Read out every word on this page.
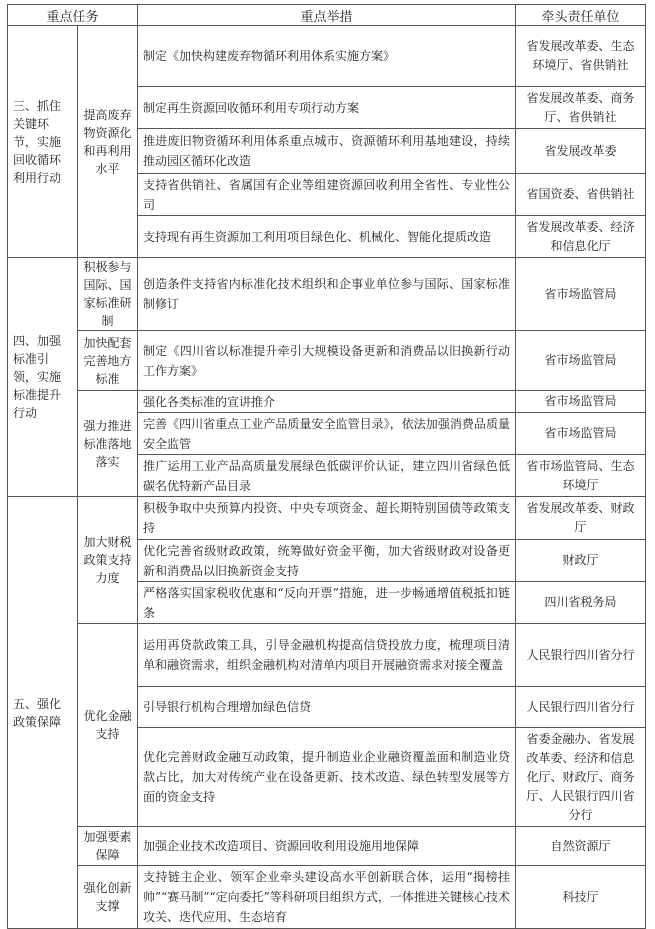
重点任务		重点举措	牵头责任单位
三、抓住关键环节，实施回收循环利用行动	提高废弃物资源化和再利用水平	制定《加快构建废弃物循环利用体系实施方案》	省发展改革委、生态环境厅、省供销社
		制定再生资源回收循环利用专项行动方案	省发展改革委、商务厅、省供销社
		推进废旧物资循环利用体系重点城市、资源循环利用基地建设，持续推动园区循环化改造	省发展改革委
		支持省供销社、省属国有企业等组建资源回收利用全省性、专业性公司	省国资委、省供销社
		支持现有再生资源加工利用项目绿色化、机械化、智能化提质改造	省发展改革委、经济和信息化厅
四、加强标准引领，实施标准提升行动	积极参与国际、国家标准研制	创造条件支持省内标准化技术组织和企事业单位参与国际、国家标准制修订	省市场监管局
	加快配套完善地方标准	制定《四川省以标准提升牵引大规模设备更新和消费品以旧换新行动工作方案》	省市场监管局
	强力推进标准落地落实	强化各类标准的宣讲推介	省市场监管局
		完善《四川省重点工业产品质量安全监管目录》，依法加强消费品质量安全监管	省市场监管局
		推广运用工业产品高质量发展绿色低碳评价认证，建立四川省绿色低碳名优特新产品目录	省市场监管局、生态环境厅
五、强化政策保障	加大财税政策支持力度	积极争取中央预算内投资、中央专项资金、超长期特别国债等政策支持	省发展改革委、财政厅
		优化完善省级财政政策，统筹做好资金平衡，加大省级财政对设备更新和消费品以旧换新资金支持	财政厅
		严格落实国家税收优惠和“反向开票”措施，进一步畅通增值税抵扣链条	四川省税务局
	优化金融支持	运用再贷款政策工具，引导金融机构提高信贷投放力度，梳理项目清单和融资需求，组织金融机构对清单内项目开展融资需求对接全覆盖	人民银行四川省分行
		引导银行机构合理增加绿色信贷	人民银行四川省分行
		优化完善财政金融互动政策，提升制造业企业融资覆盖面和制造业贷款占比，加大对传统产业在设备更新、技术改造、绿色转型发展等方面的资金支持	省委金融办、省发展改革委、经济和信息化厅、财政厅、商务厅、人民银行四川省分行
	加强要素保障	加强企业技术改造项目、资源回收利用设施用地保障	自然资源厅
	强化创新支撑	支持链主企业、领军企业牵头建设高水平创新联合体，运用“揭榜挂帅”“赛马制”“定向委托”等科研项目组织方式，一体推进关键核心技术攻关、迭代应用、生态培育	科技厅
